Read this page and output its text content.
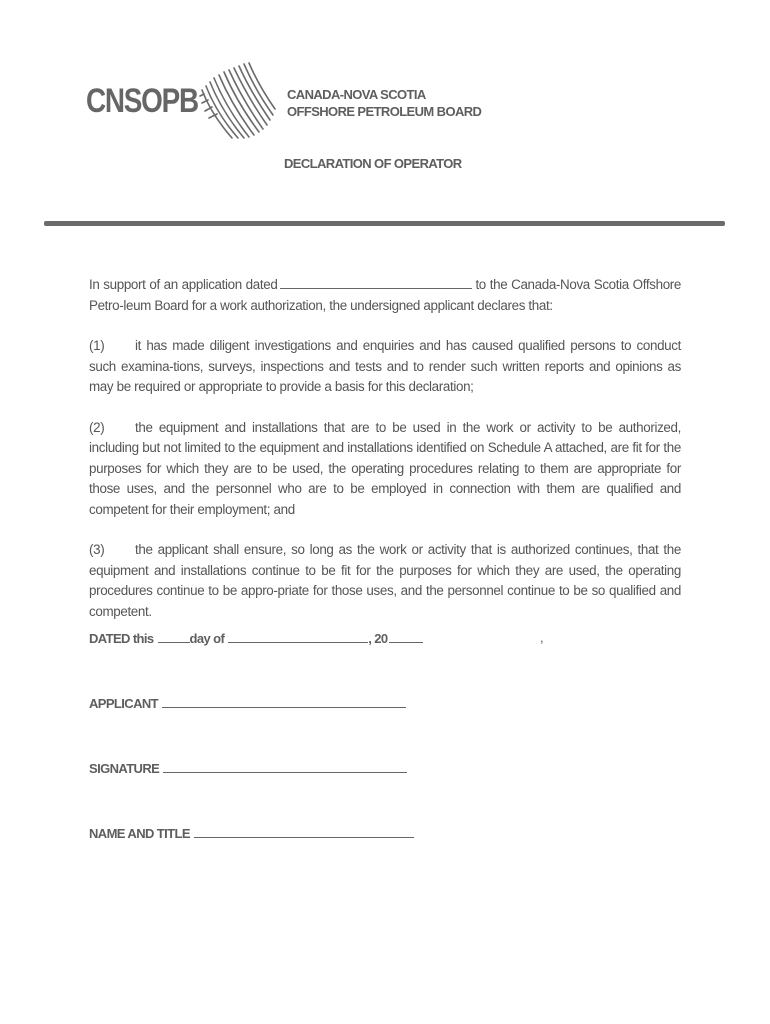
CNSOPB	CANADA-NOVA SCOTIA
OFFSHORE PETROLEUM BOARD
DECLARATION OF OPERATOR

In support of an application dated	to the Canada-Nova Scotia Offshore Petro-leum Board for a work authorization, the undersigned applicant declares that:

(1) it has made diligent investigations and enquiries and has caused qualified persons to conduct such examina-tions, surveys, inspections and tests and to render such written reports and opinions as may be required or appropriate to provide a basis for this declaration;

(2) the equipment and installations that are to be used in the work or activity to be authorized, including but not limited to the equipment and installations identified on Schedule A attached, are fit for the purposes for which they are to be used, the operating procedures relating to them are appropriate for those uses, and the personnel who are to be employed in connection with them are qualified and competent for their employment; and

(3) the applicant shall ensure, so long as the work or activity that is authorized continues, that the equipment and installations continue to be fit for the purposes for which they are used, the operating procedures continue to be appro-priate for those uses, and the personnel continue to be so qualified and competent.

DATED this	day of	, 20	,
APPLICANT
SIGNATURE
NAME AND TITLE
